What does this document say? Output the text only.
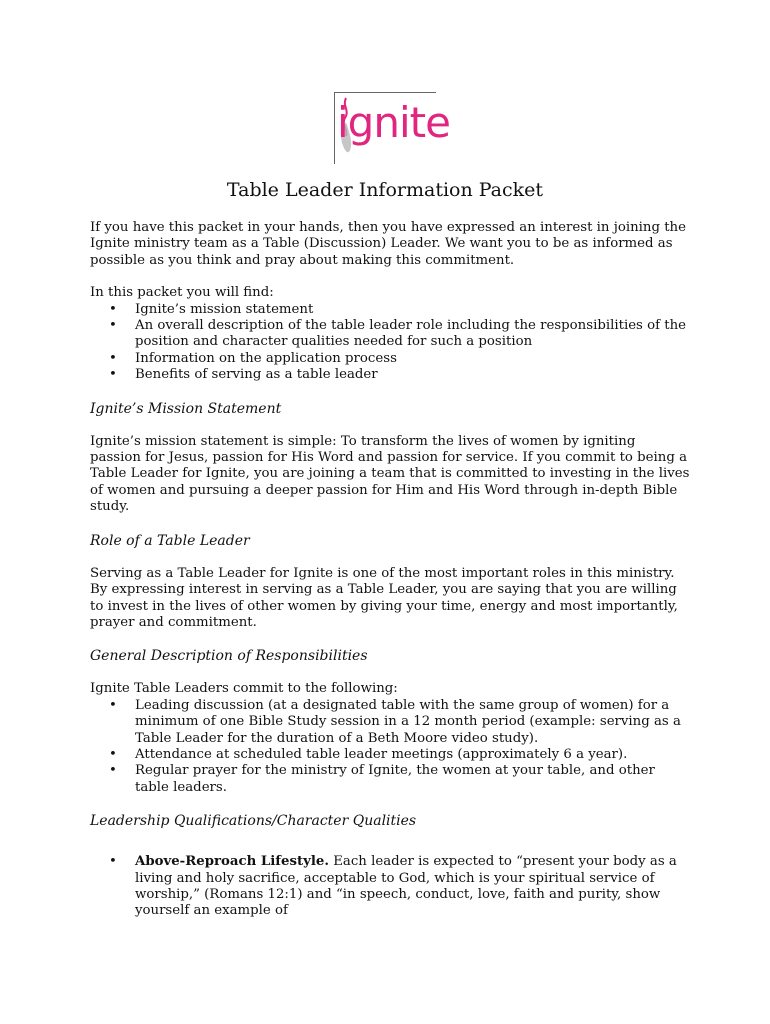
ignite
Table Leader Information Packet

If you have this packet in your hands, then you have expressed an interest in joining the Ignite ministry team as a Table (Discussion) Leader. We want you to be as informed as possible as you think and pray about making this commitment.

In this packet you will find:

• Ignite’s mission statement
• An overall description of the table leader role including the responsibilities of the position and character qualities needed for such a position
• Information on the application process
• Benefits of serving as a table leader
Ignite’s Mission Statement

Ignite’s mission statement is simple: To transform the lives of women by igniting passion for Jesus, passion for His Word and passion for service. If you commit to being a Table Leader for Ignite, you are joining a team that is committed to investing in the lives of women and pursuing a deeper passion for Him and His Word through in-depth Bible study.

Role of a Table Leader

Serving as a Table Leader for Ignite is one of the most important roles in this ministry. By expressing interest in serving as a Table Leader, you are saying that you are willing to invest in the lives of other women by giving your time, energy and most importantly, prayer and commitment.

General Description of Responsibilities

Ignite Table Leaders commit to the following:

• Leading discussion (at a designated table with the same group of women) for a minimum of one Bible Study session in a 12 month period (example: serving as a Table Leader for the duration of a Beth Moore video study).
• Attendance at scheduled table leader meetings (approximately 6 a year).
• Regular prayer for the ministry of Ignite, the women at your table, and other table leaders.
Leadership Qualifications/Character Qualities
• Above-Reproach Lifestyle. Each leader is expected to “present your body as a living and holy sacrifice, acceptable to God, which is your spiritual service of worship,” (Romans 12:1) and “in speech, conduct, love, faith and purity, show yourself an example of
